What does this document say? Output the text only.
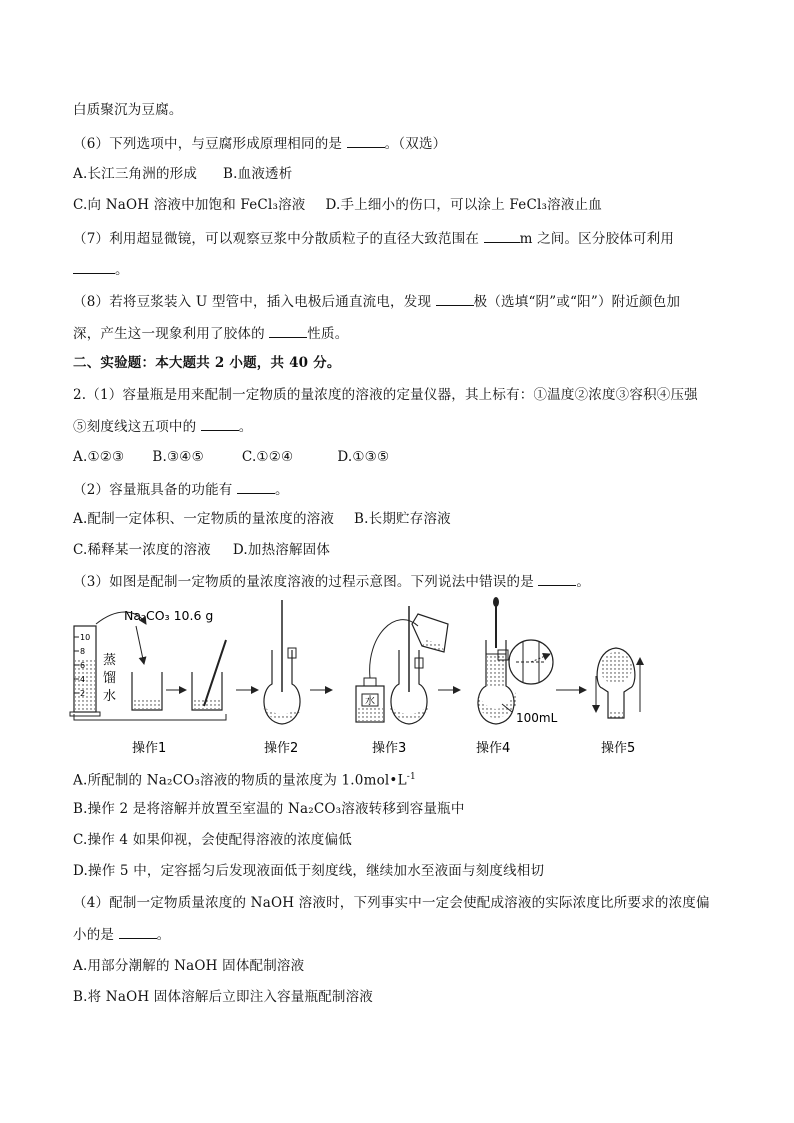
白质聚沉为豆腐。
（6）下列选项中，与豆腐形成原理相同的是	。（双选）
A.长江三角洲的形成 B.血液透析
C.向 NaOH 溶液中加饱和 FeCl₃溶液 D.手上细小的伤口，可以涂上 FeCl₃溶液止血
（7）利用超显微镜，可以观察豆浆中分散质粒子的直径大致范围在	m 之间。区分胶体可利用
。
（8）若将豆浆装入 U 型管中，插入电极后通直流电，发现	极（选填“阴”或“阳”）附近颜色加
深，产生这一现象利用了胶体的	性质。
二、实验题：本大题共 2 小题，共 40 分。
2.（1）容量瓶是用来配制一定物质的量浓度的溶液的定量仪器，其上标有：①温度②浓度③容积④压强
⑤刻度线这五项中的	。
A.①②③ B.③④⑤	C.①②④	D.①③⑤
（2）容量瓶具备的功能有	。
A.配制一定体积、一定物质的量浓度的溶液 B.长期贮存溶液
C.稀释某一浓度的溶液 D.加热溶解固体
（3）如图是配制一定物质的量浓度溶液的过程示意图。下列说法中错误的是	。
10
8
6
4
2
蒸
馏
水
Na₂CO₃ 10.6 g
水
100mL
操作1	操作2	操作3	操作4	操作5
A.所配制的 Na₂CO₃溶液的物质的量浓度为 $1.0mol•L^{-1}$
B.操作 2 是将溶解并放置至室温的 Na₂CO₃溶液转移到容量瓶中
C.操作 4 如果仰视，会使配得溶液的浓度偏低
D.操作 5 中，定容摇匀后发现液面低于刻度线，继续加水至液面与刻度线相切
（4）配制一定物质量浓度的 NaOH 溶液时，下列事实中一定会使配成溶液的实际浓度比所要求的浓度偏
小的是	。
A.用部分潮解的 NaOH 固体配制溶液
B.将 NaOH 固体溶解后立即注入容量瓶配制溶液
